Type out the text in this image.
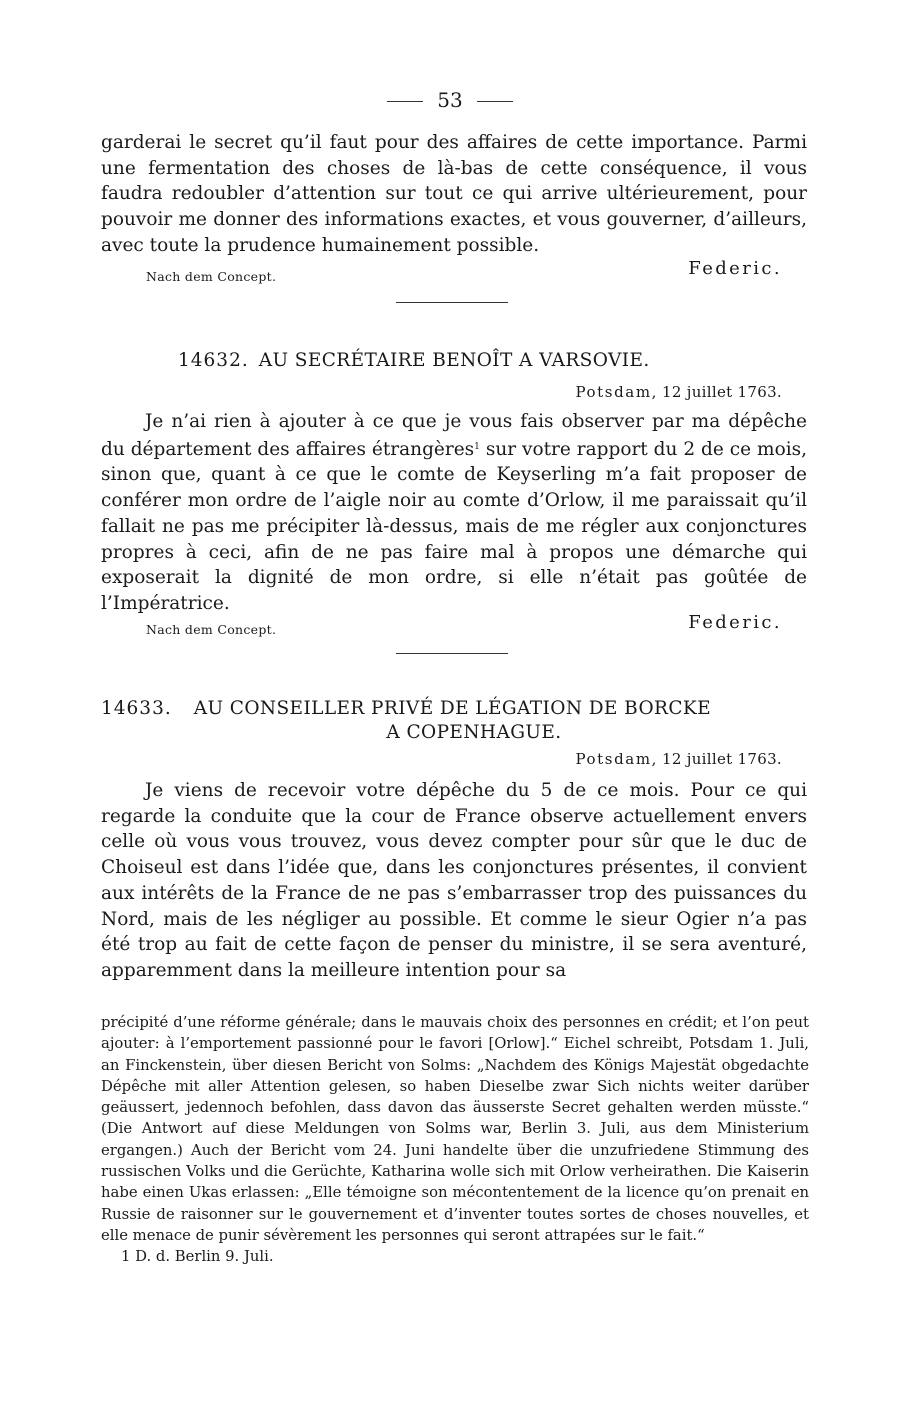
53

garderai le secret qu’il faut pour des affaires de cette importance. Parmi une fermentation des choses de là-bas de cette conséquence, il vous faudra redoubler d’attention sur tout ce qui arrive ultérieurement, pour pouvoir me donner des informations exactes, et vous gouverner, d’ailleurs, avec toute la prudence humainement possible.

Nach dem Concept.	Federic.
14632. AU SECRÉTAIRE BENOÎT A VARSOVIE.
Potsdam, 12 juillet 1763.

Je n’ai rien à ajouter à ce que je vous fais observer par ma dépêche du département des affaires étrangères$^1$ sur votre rapport du 2 de ce mois, sinon que, quant à ce que le comte de Keyserling m’a fait proposer de conférer mon ordre de l’aigle noir au comte d’Orlow, il me paraissait qu’il fallait ne pas me précipiter là-dessus, mais de me régler aux conjonctures propres à ceci, afin de ne pas faire mal à propos une démarche qui exposerait la dignité de mon ordre, si elle n’était pas goûtée de l’Impératrice.

Nach dem Concept.	Federic.
14633. AU CONSEILLER PRIVÉ DE LÉGATION DE BORCKE
A COPENHAGUE.
Potsdam, 12 juillet 1763.

Je viens de recevoir votre dépêche du 5 de ce mois. Pour ce qui regarde la conduite que la cour de France observe actuellement envers celle où vous vous trouvez, vous devez compter pour sûr que le duc de Choiseul est dans l’idée que, dans les conjonctures présentes, il convient aux intérêts de la France de ne pas s’embarrasser trop des puissances du Nord, mais de les négliger au possible. Et comme le sieur Ogier n’a pas été trop au fait de cette façon de penser du ministre, il se sera aventuré, apparemment dans la meilleure intention pour sa

précipité d’une réforme générale; dans le mauvais choix des personnes en crédit; et l’on peut ajouter: à l’emportement passionné pour le favori [Orlow].“ Eichel schreibt, Potsdam 1. Juli, an Finckenstein, über diesen Bericht von Solms: „Nachdem des Königs Majestät obgedachte Dépêche mit aller Attention gelesen, so haben Dieselbe zwar Sich nichts weiter darüber geäussert, jedennoch befohlen, dass davon das äusserste Secret gehalten werden müsste.“ (Die Antwort auf diese Meldungen von Solms war, Berlin 3. Juli, aus dem Ministerium ergangen.) Auch der Bericht vom 24. Juni handelte über die unzufriedene Stimmung des russischen Volks und die Gerüchte, Katharina wolle sich mit Orlow verheirathen. Die Kaiserin habe einen Ukas erlassen: „Elle témoigne son mécontentement de la licence qu’on prenait en Russie de raisonner sur le gouvernement et d’inventer toutes sortes de choses nouvelles, et elle menace de punir sévèrement les personnes qui seront attrapées sur le fait.“

1 D. d. Berlin 9. Juli.
